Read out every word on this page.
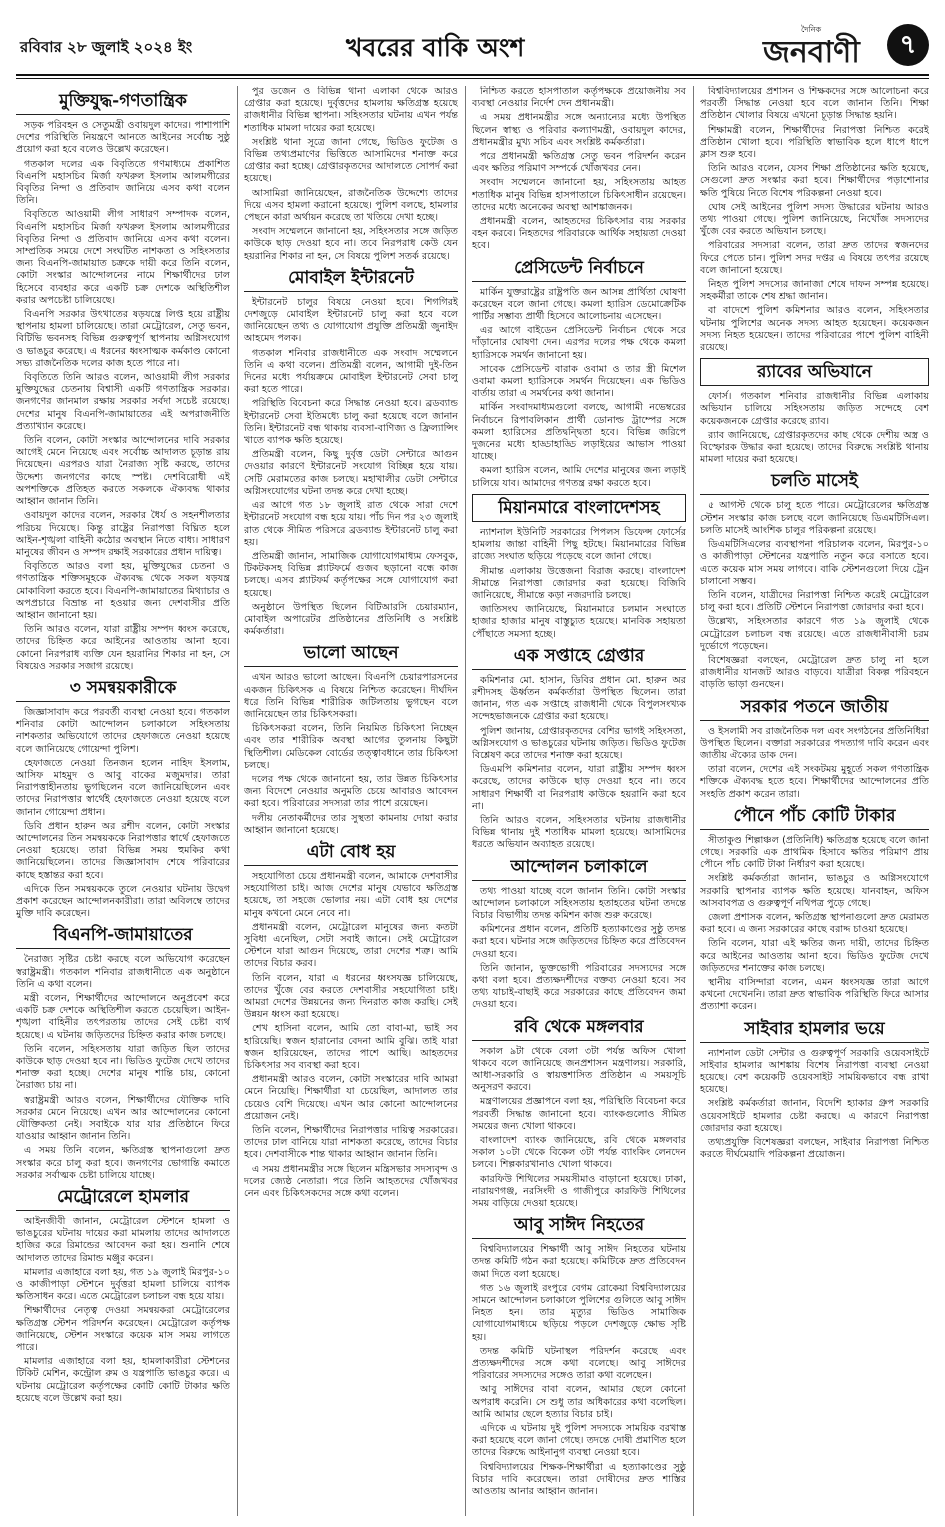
রবিবার ২৮ জুলাই ২০২৪ ইং	খবরের বাকি অংশ
দৈনিক
জনবাণী	৭
মুক্তিযুদ্ধ-গণতান্ত্রিক

সড়ক পরিবহন ও সেতুমন্ত্রী ওবায়দুল কাদের। পাশাপাশি দেশের পরিস্থিতি নিয়ন্ত্রণে আনতে আইনের সর্বোচ্চ সুষ্ঠু প্রয়োগ করা হবে বলেও উল্লেখ করেছেন।

গতকাল দলের এক বিবৃতিতে গণমাধ্যমে প্রকাশিত বিএনপি মহাসচিব মির্জা ফখরুল ইসলাম আলমগীরের বিবৃতির নিন্দা ও প্রতিবাদ জানিয়ে এসব কথা বলেন তিনি।

বিবৃতিতে আওয়ামী লীগ সাধারণ সম্পাদক বলেন, বিএনপি মহাসচিব মির্জা ফখরুল ইসলাম আলমগীরের বিবৃতির নিন্দা ও প্রতিবাদ জানিয়ে এসব কথা বলেন। সাম্প্রতিক সময়ে দেশে সংঘটিত নাশকতা ও সহিংসতার জন্য বিএনপি-জামায়াত চক্রকে দায়ী করে তিনি বলেন, কোটা সংস্কার আন্দোলনের নামে শিক্ষার্থীদের ঢাল হিসেবে ব্যবহার করে একটি চক্র দেশকে অস্থিতিশীল করার অপচেষ্টা চালিয়েছে।

বিএনপি সরকার উৎখাতের ষড়যন্ত্রে লিপ্ত হয়ে রাষ্ট্রীয় স্থাপনায় হামলা চালিয়েছে। তারা মেট্রোরেল, সেতু ভবন, বিটিভি ভবনসহ বিভিন্ন গুরুত্বপূর্ণ স্থাপনায় অগ্নিসংযোগ ও ভাঙচুর করেছে। এ ধরনের ধ্বংসাত্মক কর্মকাণ্ড কোনো সভ্য রাজনৈতিক দলের কাজ হতে পারে না।

বিবৃতিতে তিনি আরও বলেন, আওয়ামী লীগ সরকার মুক্তিযুদ্ধের চেতনায় বিশ্বাসী একটি গণতান্ত্রিক সরকার। জনগণের জানমাল রক্ষায় সরকার সর্বদা সচেষ্ট রয়েছে। দেশের মানুষ বিএনপি-জামায়াতের এই অপরাজনীতি প্রত্যাখ্যান করেছে।

তিনি বলেন, কোটা সংস্কার আন্দোলনের দাবি সরকার আগেই মেনে নিয়েছে এবং সর্বোচ্চ আদালত চূড়ান্ত রায় দিয়েছেন। এরপরও যারা নৈরাজ্য সৃষ্টি করছে, তাদের উদ্দেশ্য জনগণের কাছে স্পষ্ট। দেশবিরোধী এই অপশক্তিকে প্রতিহত করতে সকলকে ঐক্যবদ্ধ থাকার আহ্বান জানান তিনি।

ওবায়দুল কাদের বলেন, সরকার ধৈর্য ও সহনশীলতার পরিচয় দিয়েছে। কিন্তু রাষ্ট্রের নিরাপত্তা বিঘ্নিত হলে আইন-শৃঙ্খলা বাহিনী কঠোর অবস্থান নিতে বাধ্য। সাধারণ মানুষের জীবন ও সম্পদ রক্ষাই সরকারের প্রধান দায়িত্ব।

বিবৃতিতে আরও বলা হয়, মুক্তিযুদ্ধের চেতনা ও গণতান্ত্রিক শক্তিসমূহকে ঐক্যবদ্ধ থেকে সকল ষড়যন্ত্র মোকাবিলা করতে হবে। বিএনপি-জামায়াতের মিথ্যাচার ও অপপ্রচারে বিভ্রান্ত না হওয়ার জন্য দেশবাসীর প্রতি আহ্বান জানানো হয়।

তিনি আরও বলেন, যারা রাষ্ট্রীয় সম্পদ ধ্বংস করেছে, তাদের চিহ্নিত করে আইনের আওতায় আনা হবে। কোনো নিরপরাধ ব্যক্তি যেন হয়রানির শিকার না হন, সে বিষয়েও সরকার সজাগ রয়েছে।

৩ সমন্বয়কারীকে

জিজ্ঞাসাবাদ করে পরবর্তী ব্যবস্থা নেওয়া হবে। গতকাল শনিবার কোটা আন্দোলন চলাকালে সহিংসতায় নাশকতার অভিযোগে তাদের হেফাজতে নেওয়া হয়েছে বলে জানিয়েছে গোয়েন্দা পুলিশ।

হেফাজতে নেওয়া তিনজন হলেন নাহিদ ইসলাম, আসিফ মাহমুদ ও আবু বাকের মজুমদার। তারা নিরাপত্তাহীনতায় ভুগছিলেন বলে জানিয়েছিলেন এবং তাদের নিরাপত্তার স্বার্থেই হেফাজতে নেওয়া হয়েছে বলে জানান গোয়েন্দা প্রধান।

ডিবি প্রধান হারুন অর রশীদ বলেন, কোটা সংস্কার আন্দোলনের তিন সমন্বয়ককে নিরাপত্তার স্বার্থে হেফাজতে নেওয়া হয়েছে। তারা বিভিন্ন সময় হুমকির কথা জানিয়েছিলেন। তাদের জিজ্ঞাসাবাদ শেষে পরিবারের কাছে হস্তান্তর করা হবে।

এদিকে তিন সমন্বয়ককে তুলে নেওয়ার ঘটনায় উদ্বেগ প্রকাশ করেছেন আন্দোলনকারীরা। তারা অবিলম্বে তাদের মুক্তি দাবি করেছেন।

বিএনপি-জামায়াতের

নৈরাজ্য সৃষ্টির চেষ্টা করছে বলে অভিযোগ করেছেন স্বরাষ্ট্রমন্ত্রী। গতকাল শনিবার রাজধানীতে এক অনুষ্ঠানে তিনি এ কথা বলেন।

মন্ত্রী বলেন, শিক্ষার্থীদের আন্দোলনে অনুপ্রবেশ করে একটি চক্র দেশকে অস্থিতিশীল করতে চেয়েছিল। আইন-শৃঙ্খলা বাহিনীর তৎপরতায় তাদের সেই চেষ্টা ব্যর্থ হয়েছে। এ ঘটনায় জড়িতদের চিহ্নিত করার কাজ চলছে।

তিনি বলেন, সহিংসতায় যারা জড়িত ছিল তাদের কাউকে ছাড় দেওয়া হবে না। ভিডিও ফুটেজ দেখে তাদের শনাক্ত করা হচ্ছে। দেশের মানুষ শান্তি চায়, কোনো নৈরাজ্য চায় না।

স্বরাষ্ট্রমন্ত্রী আরও বলেন, শিক্ষার্থীদের যৌক্তিক দাবি সরকার মেনে নিয়েছে। এখন আর আন্দোলনের কোনো যৌক্তিকতা নেই। সবাইকে যার যার প্রতিষ্ঠানে ফিরে যাওয়ার আহ্বান জানান তিনি।

এ সময় তিনি বলেন, ক্ষতিগ্রস্ত স্থাপনাগুলো দ্রুত সংস্কার করে চালু করা হবে। জনগণের ভোগান্তি কমাতে সরকার সর্বাত্মক চেষ্টা চালিয়ে যাচ্ছে।

মেট্রোরেলে হামলার

আইনজীবী জানান, মেট্রোরেল স্টেশনে হামলা ও ভাঙচুরের ঘটনায় দায়ের করা মামলায় তাদের আদালতে হাজির করে রিমান্ডের আবেদন করা হয়। শুনানি শেষে আদালত তাদের রিমান্ড মঞ্জুর করেন।

মামলার এজাহারে বলা হয়, গত ১৯ জুলাই মিরপুর-১০ ও কাজীপাড়া স্টেশনে দুর্বৃত্তরা হামলা চালিয়ে ব্যাপক ক্ষতিসাধন করে। এতে মেট্রোরেল চলাচল বন্ধ হয়ে যায়।

শিক্ষার্থীদের নেতৃত্ব দেওয়া সমন্বয়করা মেট্রোরেলের ক্ষতিগ্রস্ত স্টেশন পরিদর্শন করেছেন। মেট্রোরেল কর্তৃপক্ষ জানিয়েছে, স্টেশন সংস্কারে কয়েক মাস সময় লাগতে পারে।

মামলার এজাহারে বলা হয়, হামলাকারীরা স্টেশনের টিকিট মেশিন, কন্ট্রোল রুম ও যন্ত্রপাতি ভাঙচুর করে। এ ঘটনায় মেট্রোরেল কর্তৃপক্ষের কোটি কোটি টাকার ক্ষতি হয়েছে বলে উল্লেখ করা হয়।

পুর ডজেন ও বিভিন্ন থানা এলাকা থেকে আরও গ্রেপ্তার করা হয়েছে। দুর্বৃত্তদের হামলায় ক্ষতিগ্রস্ত হয়েছে রাজধানীর বিভিন্ন স্থাপনা। সহিংসতার ঘটনায় এখন পর্যন্ত শতাধিক মামলা দায়ের করা হয়েছে।

সংশ্লিষ্ট থানা সূত্রে জানা গেছে, ভিডিও ফুটেজ ও বিভিন্ন তথ্যপ্রমাণের ভিত্তিতে আসামিদের শনাক্ত করে গ্রেপ্তার করা হচ্ছে। গ্রেপ্তারকৃতদের আদালতে সোপর্দ করা হয়েছে।

আসামিরা জানিয়েছেন, রাজনৈতিক উদ্দেশ্যে তাদের দিয়ে এসব হামলা করানো হয়েছে। পুলিশ বলছে, হামলার পেছনে কারা অর্থায়ন করেছে তা খতিয়ে দেখা হচ্ছে।

সংবাদ সম্মেলনে জানানো হয়, সহিংসতার সঙ্গে জড়িত কাউকে ছাড় দেওয়া হবে না। তবে নিরপরাধ কেউ যেন হয়রানির শিকার না হন, সে বিষয়ে পুলিশ সতর্ক রয়েছে।

মোবাইল ইন্টারনেট

ইন্টারনেট চালুর বিষয়ে নেওয়া হবে। শিগগিরই দেশজুড়ে মোবাইল ইন্টারনেট চালু করা হবে বলে জানিয়েছেন তথ্য ও যোগাযোগ প্রযুক্তি প্রতিমন্ত্রী জুনাইদ আহমেদ পলক।

গতকাল শনিবার রাজধানীতে এক সংবাদ সম্মেলনে তিনি এ কথা বলেন। প্রতিমন্ত্রী বলেন, আগামী দুই-তিন দিনের মধ্যে পর্যায়ক্রমে মোবাইল ইন্টারনেট সেবা চালু করা হতে পারে।

পরিস্থিতি বিবেচনা করে সিদ্ধান্ত নেওয়া হবে। ব্রডব্যান্ড ইন্টারনেট সেবা ইতিমধ্যে চালু করা হয়েছে বলে জানান তিনি। ইন্টারনেট বন্ধ থাকায় ব্যবসা-বাণিজ্য ও ফ্রিল্যান্সিং খাতে ব্যাপক ক্ষতি হয়েছে।

প্রতিমন্ত্রী বলেন, কিছু দুর্বৃত্ত ডেটা সেন্টারে আগুন দেওয়ার কারণে ইন্টারনেট সংযোগ বিচ্ছিন্ন হয়ে যায়। সেটি মেরামতের কাজ চলছে। মহাখালীর ডেটা সেন্টারে অগ্নিসংযোগের ঘটনা তদন্ত করে দেখা হচ্ছে।

এর আগে গত ১৮ জুলাই রাত থেকে সারা দেশে ইন্টারনেট সংযোগ বন্ধ হয়ে যায়। পাঁচ দিন পর ২৩ জুলাই রাত থেকে সীমিত পরিসরে ব্রডব্যান্ড ইন্টারনেট চালু করা হয়।

প্রতিমন্ত্রী জানান, সামাজিক যোগাযোগমাধ্যম ফেসবুক, টিকটকসহ বিভিন্ন প্ল্যাটফর্মে গুজব ছড়ানো বন্ধে কাজ চলছে। এসব প্ল্যাটফর্ম কর্তৃপক্ষের সঙ্গে যোগাযোগ করা হয়েছে।

অনুষ্ঠানে উপস্থিত ছিলেন বিটিআরসি চেয়ারম্যান, মোবাইল অপারেটর প্রতিষ্ঠানের প্রতিনিধি ও সংশ্লিষ্ট কর্মকর্তারা।

ভালো আছেন

এখন আরও ভালো আছেন। বিএনপি চেয়ারপারসনের একজন চিকিৎসক এ বিষয়ে নিশ্চিত করেছেন। দীর্ঘদিন ধরে তিনি বিভিন্ন শারীরিক জটিলতায় ভুগছেন বলে জানিয়েছেন তার চিকিৎসকরা।

চিকিৎসকরা বলেন, তিনি নিয়মিত চিকিৎসা নিচ্ছেন এবং তার শারীরিক অবস্থা আগের তুলনায় কিছুটা স্থিতিশীল। মেডিকেল বোর্ডের তত্ত্বাবধানে তার চিকিৎসা চলছে।

দলের পক্ষ থেকে জানানো হয়, তার উন্নত চিকিৎসার জন্য বিদেশে নেওয়ার অনুমতি চেয়ে আবারও আবেদন করা হবে। পরিবারের সদস্যরা তার পাশে রয়েছেন।

দলীয় নেতাকর্মীদের তার সুস্থতা কামনায় দোয়া করার আহ্বান জানানো হয়েছে।

এটা বোধ হয়

সহযোগিতা চেয়ে প্রধানমন্ত্রী বলেন, আমাকে দেশবাসীর সহযোগিতা চাই। আজ দেশের মানুষ যেভাবে ক্ষতিগ্রস্ত হয়েছে, তা সহজে ভোলার নয়। এটা বোধ হয় দেশের মানুষ কখনো মেনে নেবে না।

প্রধানমন্ত্রী বলেন, মেট্রোরেল মানুষের জন্য কতটা সুবিধা এনেছিল, সেটা সবাই জানে। সেই মেট্রোরেল স্টেশনে যারা আগুন দিয়েছে, তারা দেশের শত্রু। আমি তাদের বিচার করব।

তিনি বলেন, যারা এ ধরনের ধ্বংসযজ্ঞ চালিয়েছে, তাদের খুঁজে বের করতে দেশবাসীর সহযোগিতা চাই। আমরা দেশের উন্নয়নের জন্য দিনরাত কাজ করছি। সেই উন্নয়ন ধ্বংস করা হয়েছে।

শেখ হাসিনা বলেন, আমি তো বাবা-মা, ভাই সব হারিয়েছি। স্বজন হারানোর বেদনা আমি বুঝি। তাই যারা স্বজন হারিয়েছেন, তাদের পাশে আছি। আহতদের চিকিৎসার সব ব্যবস্থা করা হবে।

প্রধানমন্ত্রী আরও বলেন, কোটা সংস্কারের দাবি আমরা মেনে নিয়েছি। শিক্ষার্থীরা যা চেয়েছিল, আদালত তার চেয়েও বেশি দিয়েছে। এখন আর কোনো আন্দোলনের প্রয়োজন নেই।

তিনি বলেন, শিক্ষার্থীদের নিরাপত্তার দায়িত্ব সরকারের। তাদের ঢাল বানিয়ে যারা নাশকতা করেছে, তাদের বিচার হবে। দেশবাসীকে শান্ত থাকার আহ্বান জানান তিনি।

এ সময় প্রধানমন্ত্রীর সঙ্গে ছিলেন মন্ত্রিসভার সদস্যবৃন্দ ও দলের জ্যেষ্ঠ নেতারা। পরে তিনি আহতদের খোঁজখবর নেন এবং চিকিৎসকদের সঙ্গে কথা বলেন।

নিশ্চিত করতে হাসপাতাল কর্তৃপক্ষকে প্রয়োজনীয় সব ব্যবস্থা নেওয়ার নির্দেশ দেন প্রধানমন্ত্রী।

এ সময় প্রধানমন্ত্রীর সঙ্গে অন্যান্যের মধ্যে উপস্থিত ছিলেন স্বাস্থ্য ও পরিবার কল্যাণমন্ত্রী, ওবায়দুল কাদের, প্রধানমন্ত্রীর মুখ্য সচিব এবং সংশ্লিষ্ট কর্মকর্তারা।

পরে প্রধানমন্ত্রী ক্ষতিগ্রস্ত সেতু ভবন পরিদর্শন করেন এবং ক্ষতির পরিমাণ সম্পর্কে খোঁজখবর নেন।

সংবাদ সম্মেলনে জানানো হয়, সহিংসতায় আহত শতাধিক মানুষ বিভিন্ন হাসপাতালে চিকিৎসাধীন রয়েছেন। তাদের মধ্যে অনেকের অবস্থা আশঙ্কাজনক।

প্রধানমন্ত্রী বলেন, আহতদের চিকিৎসার ব্যয় সরকার বহন করবে। নিহতদের পরিবারকে আর্থিক সহায়তা দেওয়া হবে।

প্রেসিডেন্ট নির্বাচনে

মার্কিন যুক্তরাষ্ট্রের রাষ্ট্রপতি জন আসন্ন প্রার্থিতা ঘোষণা করেছেন বলে জানা গেছে। কমলা হ্যারিস ডেমোক্রেটিক পার্টির সম্ভাব্য প্রার্থী হিসেবে আলোচনায় এসেছেন।

এর আগে বাইডেন প্রেসিডেন্ট নির্বাচন থেকে সরে দাঁড়ানোর ঘোষণা দেন। এরপর দলের পক্ষ থেকে কমলা হ্যারিসকে সমর্থন জানানো হয়।

সাবেক প্রেসিডেন্ট বারাক ওবামা ও তার স্ত্রী মিশেল ওবামা কমলা হ্যারিসকে সমর্থন দিয়েছেন। এক ভিডিও বার্তায় তারা এ সমর্থনের কথা জানান।

মার্কিন সংবাদমাধ্যমগুলো বলছে, আগামী নভেম্বরের নির্বাচনে রিপাবলিকান প্রার্থী ডোনাল্ড ট্রাম্পের সঙ্গে কমলা হ্যারিসের প্রতিদ্বন্দ্বিতা হবে। বিভিন্ন জরিপে দুজনের মধ্যে হাড্ডাহাড্ডি লড়াইয়ের আভাস পাওয়া যাচ্ছে।

কমলা হ্যারিস বলেন, আমি দেশের মানুষের জন্য লড়াই চালিয়ে যাব। আমাদের গণতন্ত্র রক্ষা করতে হবে।

মিয়ানমারে বাংলাদেশসহ

ন্যাশনাল ইউনিটি সরকারের পিপলস ডিফেন্স ফোর্সের হামলায় জান্তা বাহিনী পিছু হটছে। মিয়ানমারের বিভিন্ন রাজ্যে সংঘাত ছড়িয়ে পড়েছে বলে জানা গেছে।

সীমান্ত এলাকায় উত্তেজনা বিরাজ করছে। বাংলাদেশ সীমান্তে নিরাপত্তা জোরদার করা হয়েছে। বিজিবি জানিয়েছে, সীমান্তে কড়া নজরদারি চলছে।

জাতিসংঘ জানিয়েছে, মিয়ানমারে চলমান সংঘাতে হাজার হাজার মানুষ বাস্তুচ্যুত হয়েছে। মানবিক সহায়তা পৌঁছাতে সমস্যা হচ্ছে।

এক সপ্তাহে গ্রেপ্তার

কমিশনার মো. হাসান, ডিবির প্রধান মো. হারুন অর রশীদসহ ঊর্ধ্বতন কর্মকর্তারা উপস্থিত ছিলেন। তারা জানান, গত এক সপ্তাহে রাজধানী থেকে বিপুলসংখ্যক সন্দেহভাজনকে গ্রেপ্তার করা হয়েছে।

পুলিশ জানায়, গ্রেপ্তারকৃতদের বেশির ভাগই সহিংসতা, অগ্নিসংযোগ ও ভাঙচুরের ঘটনায় জড়িত। ভিডিও ফুটেজ বিশ্লেষণ করে তাদের শনাক্ত করা হয়েছে।

ডিএমপি কমিশনার বলেন, যারা রাষ্ট্রীয় সম্পদ ধ্বংস করেছে, তাদের কাউকে ছাড় দেওয়া হবে না। তবে সাধারণ শিক্ষার্থী বা নিরপরাধ কাউকে হয়রানি করা হবে না।

তিনি আরও বলেন, সহিংসতার ঘটনায় রাজধানীর বিভিন্ন থানায় দুই শতাধিক মামলা হয়েছে। আসামিদের ধরতে অভিযান অব্যাহত রয়েছে।

আন্দোলন চলাকালে

তথ্য পাওয়া যাচ্ছে বলে জানান তিনি। কোটা সংস্কার আন্দোলন চলাকালে সহিংসতায় হতাহতের ঘটনা তদন্তে বিচার বিভাগীয় তদন্ত কমিশন কাজ শুরু করেছে।

কমিশনের প্রধান বলেন, প্রতিটি হত্যাকাণ্ডের সুষ্ঠু তদন্ত করা হবে। ঘটনার সঙ্গে জড়িতদের চিহ্নিত করে প্রতিবেদন দেওয়া হবে।

তিনি জানান, ভুক্তভোগী পরিবারের সদস্যদের সঙ্গে কথা বলা হবে। প্রত্যক্ষদর্শীদের বক্তব্য নেওয়া হবে। সব তথ্য যাচাই-বাছাই করে সরকারের কাছে প্রতিবেদন জমা দেওয়া হবে।

রবি থেকে মঙ্গলবার

সকাল ৯টা থেকে বেলা ৩টা পর্যন্ত অফিস খোলা থাকবে বলে জানিয়েছে জনপ্রশাসন মন্ত্রণালয়। সরকারি, আধা-সরকারি ও স্বায়ত্তশাসিত প্রতিষ্ঠান এ সময়সূচি অনুসরণ করবে।

মন্ত্রণালয়ের প্রজ্ঞাপনে বলা হয়, পরিস্থিতি বিবেচনা করে পরবর্তী সিদ্ধান্ত জানানো হবে। ব্যাংকগুলোও সীমিত সময়ের জন্য খোলা থাকবে।

বাংলাদেশ ব্যাংক জানিয়েছে, রবি থেকে মঙ্গলবার সকাল ১০টা থেকে বিকেল ৩টা পর্যন্ত ব্যাংকিং লেনদেন চলবে। শিল্পকারখানাও খোলা থাকবে।

কারফিউ শিথিলের সময়সীমাও বাড়ানো হয়েছে। ঢাকা, নারায়ণগঞ্জ, নরসিংদী ও গাজীপুরে কারফিউ শিথিলের সময় বাড়িয়ে দেওয়া হয়েছে।

আবু সাঈদ নিহতের

বিশ্ববিদ্যালয়ের শিক্ষার্থী আবু সাঈদ নিহতের ঘটনায় তদন্ত কমিটি গঠন করা হয়েছে। কমিটিকে দ্রুত প্রতিবেদন জমা দিতে বলা হয়েছে।

গত ১৬ জুলাই রংপুরে বেগম রোকেয়া বিশ্ববিদ্যালয়ের সামনে আন্দোলন চলাকালে পুলিশের গুলিতে আবু সাঈদ নিহত হন। তার মৃত্যুর ভিডিও সামাজিক যোগাযোগমাধ্যমে ছড়িয়ে পড়লে দেশজুড়ে ক্ষোভ সৃষ্টি হয়।

তদন্ত কমিটি ঘটনাস্থল পরিদর্শন করেছে এবং প্রত্যক্ষদর্শীদের সঙ্গে কথা বলেছে। আবু সাঈদের পরিবারের সদস্যদের সঙ্গেও তারা কথা বলেছেন।

আবু সাঈদের বাবা বলেন, আমার ছেলে কোনো অপরাধ করেনি। সে শুধু তার অধিকারের কথা বলেছিল। আমি আমার ছেলে হত্যার বিচার চাই।

এদিকে এ ঘটনায় দুই পুলিশ সদস্যকে সাময়িক বরখাস্ত করা হয়েছে বলে জানা গেছে। তদন্তে দোষী প্রমাণিত হলে তাদের বিরুদ্ধে আইনানুগ ব্যবস্থা নেওয়া হবে।

বিশ্ববিদ্যালয়ের শিক্ষক-শিক্ষার্থীরা এ হত্যাকাণ্ডের সুষ্ঠু বিচার দাবি করেছেন। তারা দোষীদের দ্রুত শাস্তির আওতায় আনার আহ্বান জানান।

বিশ্ববিদ্যালয়ের প্রশাসন ও শিক্ষকদের সঙ্গে আলোচনা করে পরবর্তী সিদ্ধান্ত নেওয়া হবে বলে জানান তিনি। শিক্ষা প্রতিষ্ঠান খোলার বিষয়ে এখনো চূড়ান্ত সিদ্ধান্ত হয়নি।

শিক্ষামন্ত্রী বলেন, শিক্ষার্থীদের নিরাপত্তা নিশ্চিত করেই প্রতিষ্ঠান খোলা হবে। পরিস্থিতি স্বাভাবিক হলে ধাপে ধাপে ক্লাস শুরু হবে।

তিনি আরও বলেন, যেসব শিক্ষা প্রতিষ্ঠানের ক্ষতি হয়েছে, সেগুলো দ্রুত সংস্কার করা হবে। শিক্ষার্থীদের পড়াশোনার ক্ষতি পুষিয়ে নিতে বিশেষ পরিকল্পনা নেওয়া হবে।

ঘোষ সেই আইনের পুলিশ সদস্য উদ্ধারের ঘটনায় আরও তথ্য পাওয়া গেছে। পুলিশ জানিয়েছে, নিখোঁজ সদস্যদের খুঁজে বের করতে অভিযান চলছে।

পরিবারের সদস্যরা বলেন, তারা দ্রুত তাদের স্বজনদের ফিরে পেতে চান। পুলিশ সদর দপ্তর এ বিষয়ে তৎপর রয়েছে বলে জানানো হয়েছে।

নিহত পুলিশ সদস্যের জানাজা শেষে দাফন সম্পন্ন হয়েছে। সহকর্মীরা তাকে শেষ শ্রদ্ধা জানান।

বা বাদেশে পুলিশ কমিশনার আরও বলেন, সহিংসতার ঘটনায় পুলিশের অনেক সদস্য আহত হয়েছেন। কয়েকজন সদস্য নিহত হয়েছেন। তাদের পরিবারের পাশে পুলিশ বাহিনী রয়েছে।

র‍্যাবের অভিযানে

ফোর্স। গতকাল শনিবার রাজধানীর বিভিন্ন এলাকায় অভিযান চালিয়ে সহিংসতায় জড়িত সন্দেহে বেশ কয়েকজনকে গ্রেপ্তার করেছে র‍্যাব।

র‍্যাব জানিয়েছে, গ্রেপ্তারকৃতদের কাছ থেকে দেশীয় অস্ত্র ও বিস্ফোরক উদ্ধার করা হয়েছে। তাদের বিরুদ্ধে সংশ্লিষ্ট থানায় মামলা দায়ের করা হয়েছে।

চলতি মাসেই

৫ আগস্ট থেকে চালু হতে পারে। মেট্রোরেলের ক্ষতিগ্রস্ত স্টেশন সংস্কার কাজ চলছে বলে জানিয়েছে ডিএমটিসিএল। চলতি মাসেই আংশিক চালুর পরিকল্পনা রয়েছে।

ডিএমটিসিএলের ব্যবস্থাপনা পরিচালক বলেন, মিরপুর-১০ ও কাজীপাড়া স্টেশনের যন্ত্রপাতি নতুন করে বসাতে হবে। এতে কয়েক মাস সময় লাগবে। বাকি স্টেশনগুলো দিয়ে ট্রেন চালানো সম্ভব।

তিনি বলেন, যাত্রীদের নিরাপত্তা নিশ্চিত করেই মেট্রোরেল চালু করা হবে। প্রতিটি স্টেশনে নিরাপত্তা জোরদার করা হবে।

উল্লেখ্য, সহিংসতার কারণে গত ১৯ জুলাই থেকে মেট্রোরেল চলাচল বন্ধ রয়েছে। এতে রাজধানীবাসী চরম দুর্ভোগে পড়েছেন।

বিশেষজ্ঞরা বলছেন, মেট্রোরেল দ্রুত চালু না হলে রাজধানীর যানজট আরও বাড়বে। যাত্রীরা বিকল্প পরিবহনে বাড়তি ভাড়া গুনছেন।

সরকার পতনে জাতীয়

ও ইসলামী সব রাজনৈতিক দল এবং সংগঠনের প্রতিনিধিরা উপস্থিত ছিলেন। বক্তারা সরকারের পদত্যাগ দাবি করেন এবং জাতীয় ঐক্যের ডাক দেন।

তারা বলেন, দেশের এই সংকটময় মুহূর্তে সকল গণতান্ত্রিক শক্তিকে ঐক্যবদ্ধ হতে হবে। শিক্ষার্থীদের আন্দোলনের প্রতি সংহতি প্রকাশ করেন তারা।

পৌনে পাঁচ কোটি টাকার

সীতাকুণ্ড শিল্পাঞ্চল (প্রতিনিধি) ক্ষতিগ্রস্ত হয়েছে বলে জানা গেছে। সরকারি এক প্রাথমিক হিসাবে ক্ষতির পরিমাণ প্রায় পৌনে পাঁচ কোটি টাকা নির্ধারণ করা হয়েছে।

সংশ্লিষ্ট কর্মকর্তারা জানান, ভাঙচুর ও অগ্নিসংযোগে সরকারি স্থাপনার ব্যাপক ক্ষতি হয়েছে। যানবাহন, অফিস আসবাবপত্র ও গুরুত্বপূর্ণ নথিপত্র পুড়ে গেছে।

জেলা প্রশাসক বলেন, ক্ষতিগ্রস্ত স্থাপনাগুলো দ্রুত মেরামত করা হবে। এ জন্য সরকারের কাছে বরাদ্দ চাওয়া হয়েছে।

তিনি বলেন, যারা এই ক্ষতির জন্য দায়ী, তাদের চিহ্নিত করে আইনের আওতায় আনা হবে। ভিডিও ফুটেজ দেখে জড়িতদের শনাক্তের কাজ চলছে।

স্থানীয় বাসিন্দারা বলেন, এমন ধ্বংসযজ্ঞ তারা আগে কখনো দেখেননি। তারা দ্রুত স্বাভাবিক পরিস্থিতি ফিরে আসার প্রত্যাশা করেন।

সাইবার হামলার ভয়ে

ন্যাশনাল ডেটা সেন্টার ও গুরুত্বপূর্ণ সরকারি ওয়েবসাইটে সাইবার হামলার আশঙ্কায় বিশেষ নিরাপত্তা ব্যবস্থা নেওয়া হয়েছে। বেশ কয়েকটি ওয়েবসাইট সাময়িকভাবে বন্ধ রাখা হয়েছে।

সংশ্লিষ্ট কর্মকর্তারা জানান, বিদেশি হ্যাকার গ্রুপ সরকারি ওয়েবসাইটে হামলার চেষ্টা করছে। এ কারণে নিরাপত্তা জোরদার করা হয়েছে।

তথ্যপ্রযুক্তি বিশেষজ্ঞরা বলছেন, সাইবার নিরাপত্তা নিশ্চিত করতে দীর্ঘমেয়াদি পরিকল্পনা প্রয়োজন।
